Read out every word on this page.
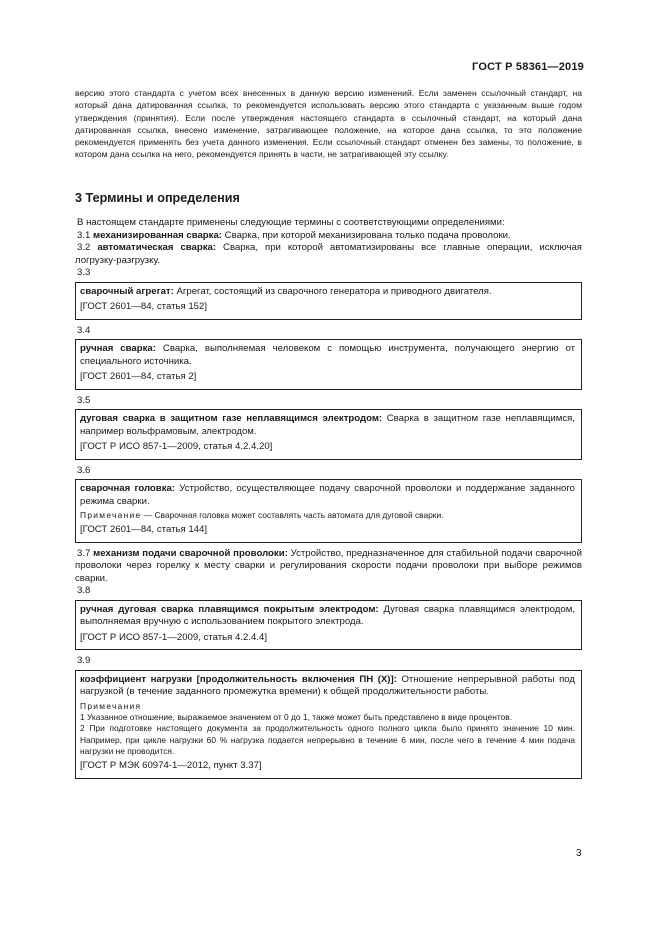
ГОСТ Р 58361—2019

версию этого стандарта с учетом всех внесенных в данную версию изменений. Если заменен ссылочный стандарт, на который дана датированная ссылка, то рекомендуется использовать версию этого стандарта с указанным выше годом утверждения (принятия). Если после утверждения настоящего стандарта в ссылочный стандарт, на который дана датированная ссылка, внесено изменение, затрагивающее положение, на которое дана ссылка, то это положение рекомендуется применять без учета данного изменения. Если ссылочный стандарт отменен без замены, то положение, в котором дана ссылка на него, рекомендуется принять в части, не затрагивающей эту ссылку.

3 Термины и определения

В настоящем стандарте применены следующие термины с соответствующими определениями:

3.1 механизированная сварка: Сварка, при которой механизирована только подача проволоки.

3.2 автоматическая сварка: Сварка, при которой автоматизированы все главные операции, исключая логрузку-разгрузку.

3.3

сварочный агрегат: Агрегат, состоящий из сварочного генератора и приводного двигателя.

[ГОСТ 2601—84, статья 152]

3.4

ручная сварка: Сварка, выполняемая человеком с помощью инструмента, получающего энергию от специального источника.

[ГОСТ 2601—84, статья 2]

3.5

дуговая сварка в защитном газе неплавящимся электродом: Сварка в защитном газе неплавящимся, например вольфрамовым, электродом.

[ГОСТ Р ИСО 857-1—2009, статья 4.2.4.20]

3.6

сварочная головка: Устройство, осуществляющее подачу сварочной проволоки и поддержание заданного режима сварки.

Примечание — Сварочная головка может составлять часть автомата для дуговой сварки.

[ГОСТ 2601—84, статья 144]

3.7 механизм подачи сварочной проволоки: Устройство, предназначенное для стабильной подачи сварочной проволоки через горелку к месту сварки и регулирования скорости подачи проволоки при выборе режимов сварки.

3.8

ручная дуговая сварка плавящимся покрытым электродом: Дуговая сварка плавящимся электродом, выполняемая вручную с использованием покрытого электрода.

[ГОСТ Р ИСО 857-1—2009, статья 4.2.4.4]

3.9

коэффициент нагрузки [продолжительность включения ПН (X)]: Отношение непрерывной работы под нагрузкой (в течение заданного промежутка времени) к общей продолжительности работы.

Примечания

1 Указанное отношение, выражаемое значением от 0 до 1, также может быть представлено в виде процентов.

2 При подготовке настоящего документа за продолжительность одного полного цикла было принято значение 10 мин. Например, при цикле нагрузки 60 % нагрузка подается непрерывно в течение 6 мин, после чего в течение 4 мин подача нагрузки не проводится.

[ГОСТ Р МЭК 60974-1—2012, пункт 3.37]

3
